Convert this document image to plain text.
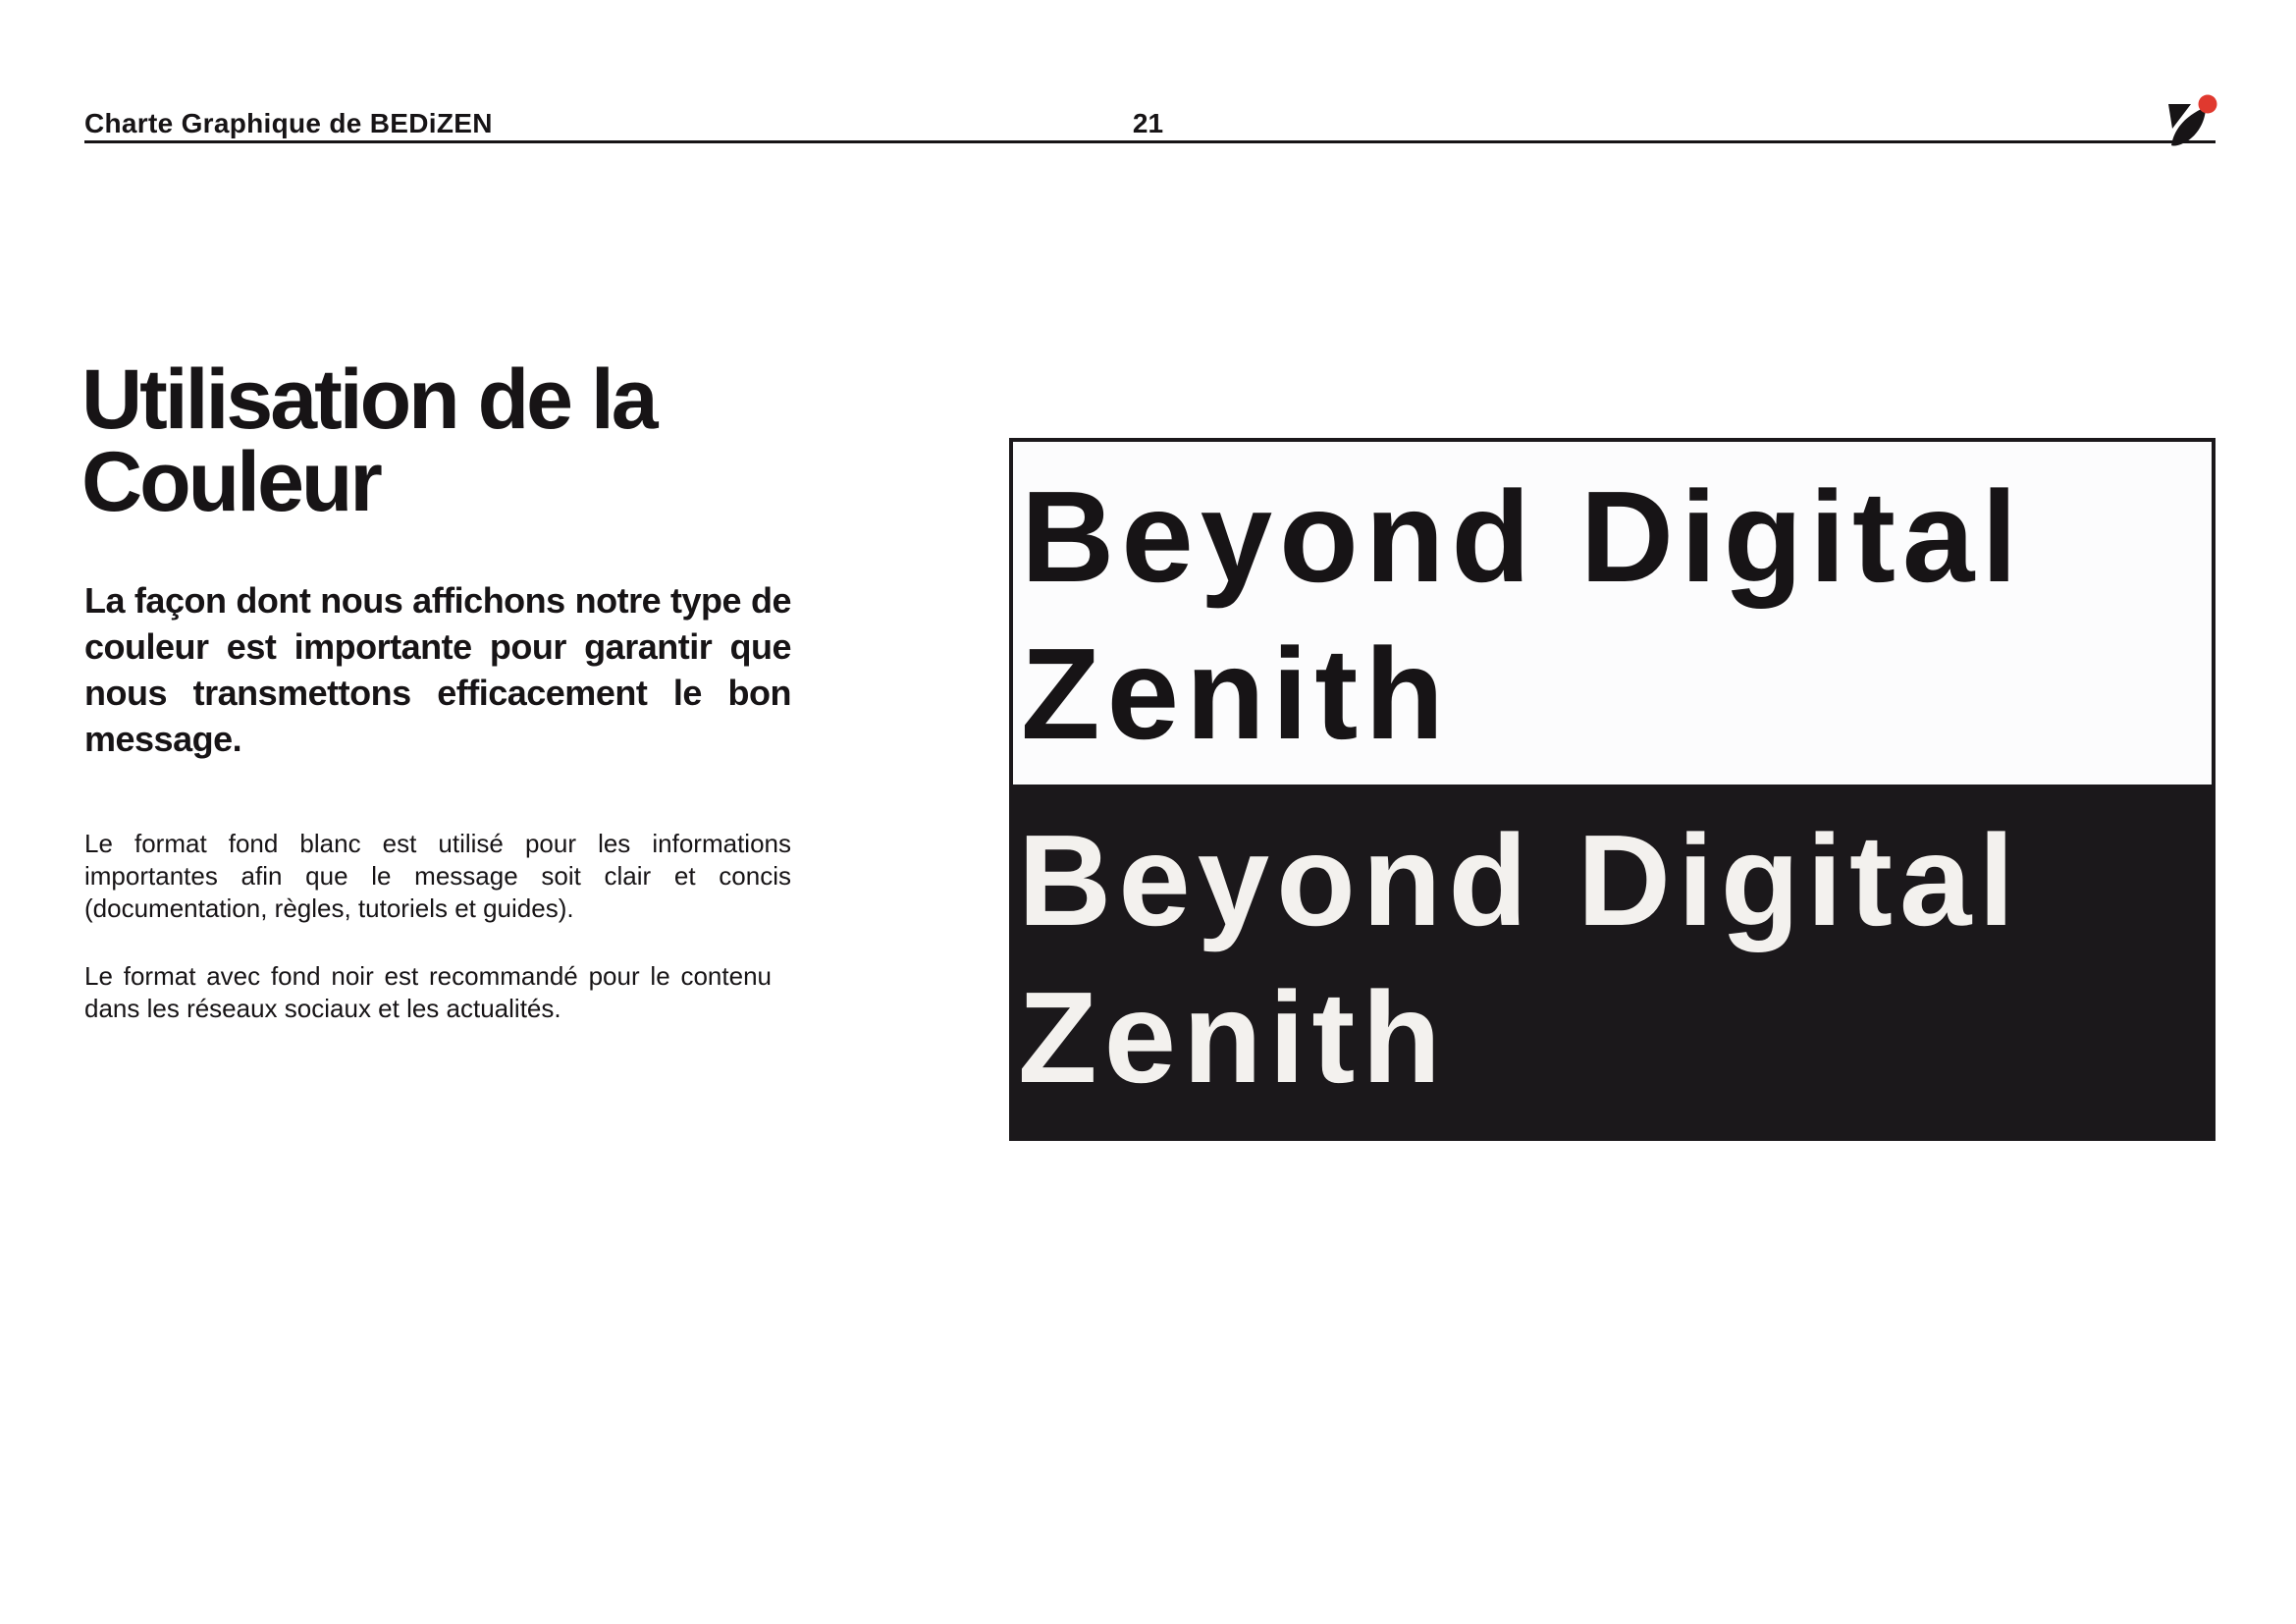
Charte Graphique de BEDiZEN	21
Utilisation de la Couleur

La façon dont nous affichons notre type de couleur est importante pour garantir que nous transmettons efficacement le bon message.

Le format fond blanc est utilisé pour les informations importantes afin que le message soit clair et concis (documentation, règles, tutoriels et guides).

Le format avec fond noir est recommandé pour le contenu dans les réseaux sociaux et les actualités.

Beyond Digital Zenith
Beyond Digital Zenith
